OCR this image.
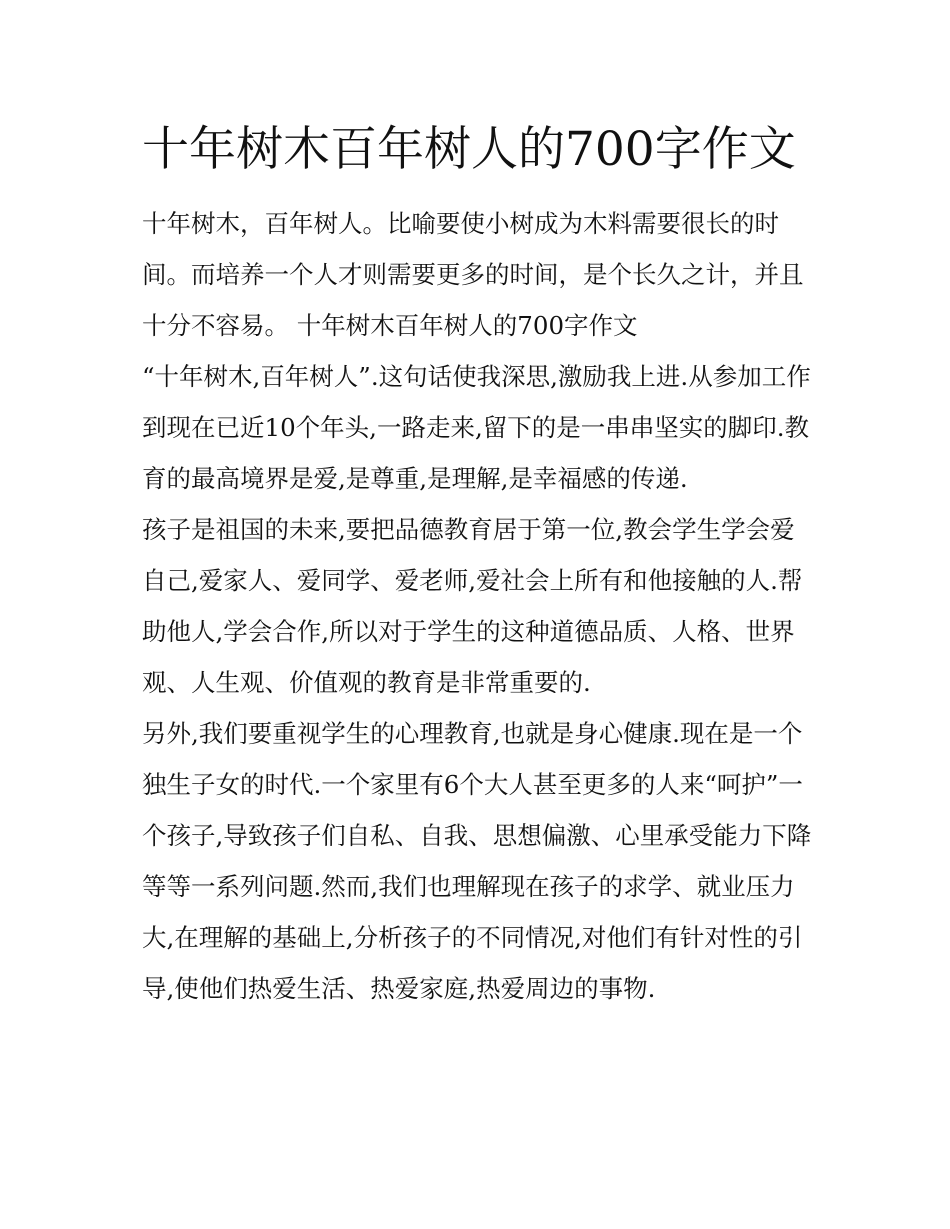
十年树木百年树人的700字作文

十年树木，百年树人。比喻要使小树成为木料需要很长的时间。而培养一个人才则需要更多的时间，是个长久之计，并且十分不容易。 十年树木百年树人的700字作文

“十年树木,百年树人”.这句话使我深思,激励我上进.从参加工作到现在已近10个年头,一路走来,留下的是一串串坚实的脚印.教育的最高境界是爱,是尊重,是理解,是幸福感的传递.

孩子是祖国的未来,要把品德教育居于第一位,教会学生学会爱自己,爱家人、爱同学、爱老师,爱社会上所有和他接触的人.帮助他人,学会合作,所以对于学生的这种道德品质、人格、世界观、人生观、价值观的教育是非常重要的.

另外,我们要重视学生的心理教育,也就是身心健康.现在是一个独生子女的时代.一个家里有6个大人甚至更多的人来“呵护”一个孩子,导致孩子们自私、自我、思想偏激、心里承受能力下降等等一系列问题.然而,我们也理解现在孩子的求学、就业压力大,在理解的基础上,分析孩子的不同情况,对他们有针对性的引导,使他们热爱生活、热爱家庭,热爱周边的事物.
